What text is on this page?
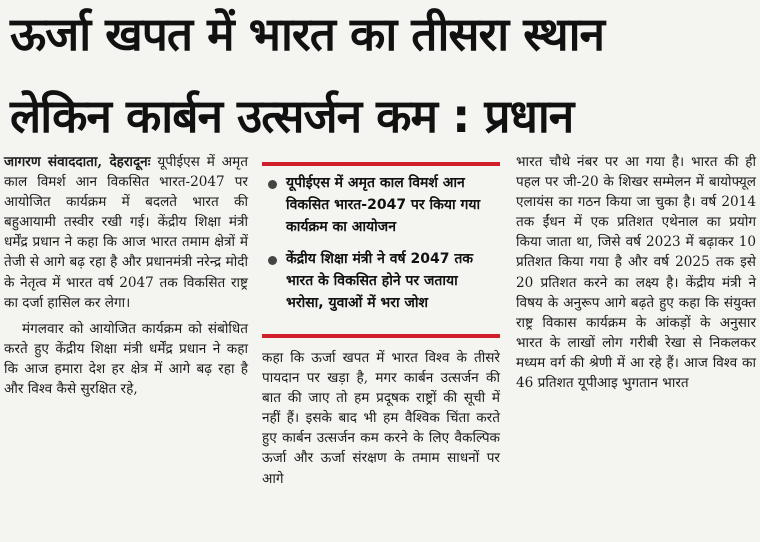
ऊर्जा खपत में भारत का तीसरा स्थान
लेकिन कार्बन उत्सर्जन कम : प्रधान

जागरण संवाददाता, देहरादूनः यूपीईएस में अमृत काल विमर्श आन विकसित भारत-2047 पर आयोजित कार्यक्रम में बदलते भारत की बहुआयामी तस्वीर रखी गई। केंद्रीय शिक्षा मंत्री धर्मेंद्र प्रधान ने कहा कि आज भारत तमाम क्षेत्रों में तेजी से आगे बढ़ रहा है और प्रधानमंत्री नरेन्द्र मोदी के नेतृत्व में भारत वर्ष 2047 तक विकसित राष्ट्र का दर्जा हासिल कर लेगा।

मंगलवार को आयोजित कार्यक्रम को संबोधित करते हुए केंद्रीय शिक्षा मंत्री धर्मेंद्र प्रधान ने कहा कि आज हमारा देश हर क्षेत्र में आगे बढ़ रहा है और विश्व कैसे सुरक्षित रहे,

यूपीईएस में अमृत काल विमर्श आन विकसित भारत-2047 पर किया गया कार्यक्रम का आयोजन
केंद्रीय शिक्षा मंत्री ने वर्ष 2047 तक भारत के विकसित होने पर जताया भरोसा, युवाओं में भरा जोश

कहा कि ऊर्जा खपत में भारत विश्व के तीसरे पायदान पर खड़ा है, मगर कार्बन उत्सर्जन की बात की जाए तो हम प्रदूषक राष्ट्रों की सूची में नहीं हैं। इसके बाद भी हम वैश्विक चिंता करते हुए कार्बन उत्सर्जन कम करने के लिए वैकल्पिक ऊर्जा और ऊर्जा संरक्षण के तमाम साधनों पर आगे

भारत चौथे नंबर पर आ गया है। भारत की ही पहल पर जी-20 के शिखर सम्मेलन में बायोफ्यूल एलायंस का गठन किया जा चुका है। वर्ष 2014 तक ईंधन में एक प्रतिशत एथेनाल का प्रयोग किया जाता था, जिसे वर्ष 2023 में बढ़ाकर 10 प्रतिशत किया गया है और वर्ष 2025 तक इसे 20 प्रतिशत करने का लक्ष्य है। केंद्रीय मंत्री ने विषय के अनुरूप आगे बढ़ते हुए कहा कि संयुक्त राष्ट्र विकास कार्यक्रम के आंकड़ों के अनुसार भारत के लाखों लोग गरीबी रेखा से निकलकर मध्यम वर्ग की श्रेणी में आ रहे हैं। आज विश्व का 46 प्रतिशत यूपीआइ भुगतान भारत
